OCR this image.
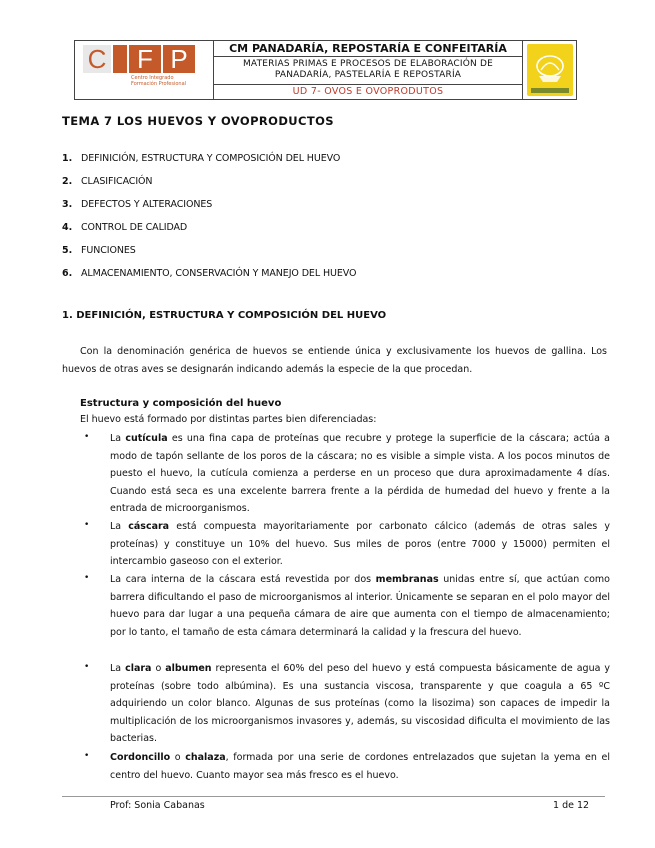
C	F P
Centro Integrado
Formación Profesional
CM PANADARÍA, REPOSTARÍA E CONFEITARÍA
MATERIAS PRIMAS E PROCESOS DE ELABORACIÓN DE
PANADARÍA, PASTELARÍA E REPOSTARÍA
UD 7- OVOS E OVOPRODUTOS
TEMA 7 LOS HUEVOS Y OVOPRODUCTOS
1. DEFINICIÓN, ESTRUCTURA Y COMPOSICIÓN DEL HUEVO
2. CLASIFICACIÓN
3. DEFECTOS Y ALTERACIONES
4. CONTROL DE CALIDAD
5. FUNCIONES
6. ALMACENAMIENTO, CONSERVACIÓN Y MANEJO DEL HUEVO
1. DEFINICIÓN, ESTRUCTURA Y COMPOSICIÓN DEL HUEVO

Con la denominación genérica de huevos se entiende única y exclusivamente los huevos de gallina. Los huevos de otras aves se designarán indicando además la especie de la que procedan.

Estructura y composición del huevo
El huevo está formado por distintas partes bien diferenciadas:
• La cutícula es una fina capa de proteínas que recubre y protege la superficie de la cáscara; actúa a modo de tapón sellante de los poros de la cáscara; no es visible a simple vista. A los pocos minutos de puesto el huevo, la cutícula comienza a perderse en un proceso que dura aproximadamente 4 días. Cuando está seca es una excelente barrera frente a la pérdida de humedad del huevo y frente a la entrada de microorganismos.

• La cáscara está compuesta mayoritariamente por carbonato cálcico (además de otras sales y proteínas) y constituye un 10% del huevo. Sus miles de poros (entre 7000 y 15000) permiten el intercambio gaseoso con el exterior.

• La cara interna de la cáscara está revestida por dos membranas unidas entre sí, que actúan como barrera dificultando el paso de microorganismos al interior. Únicamente se separan en el polo mayor del huevo para dar lugar a una pequeña cámara de aire que aumenta con el tiempo de almacenamiento; por lo tanto, el tamaño de esta cámara determinará la calidad y la frescura del huevo.

• La clara o albumen representa el 60% del peso del huevo y está compuesta básicamente de agua y proteínas (sobre todo albúmina). Es una sustancia viscosa, transparente y que coagula a 65 ºC adquiriendo un color blanco. Algunas de sus proteínas (como la lisozima) son capaces de impedir la multiplicación de los microorganismos invasores y, además, su viscosidad dificulta el movimiento de las bacterias.

• Cordoncillo o chalaza, formada por una serie de cordones entrelazados que sujetan la yema en el centro del huevo. Cuanto mayor sea más fresco es el huevo.

Prof: Sonia Cabanas	1 de 12
